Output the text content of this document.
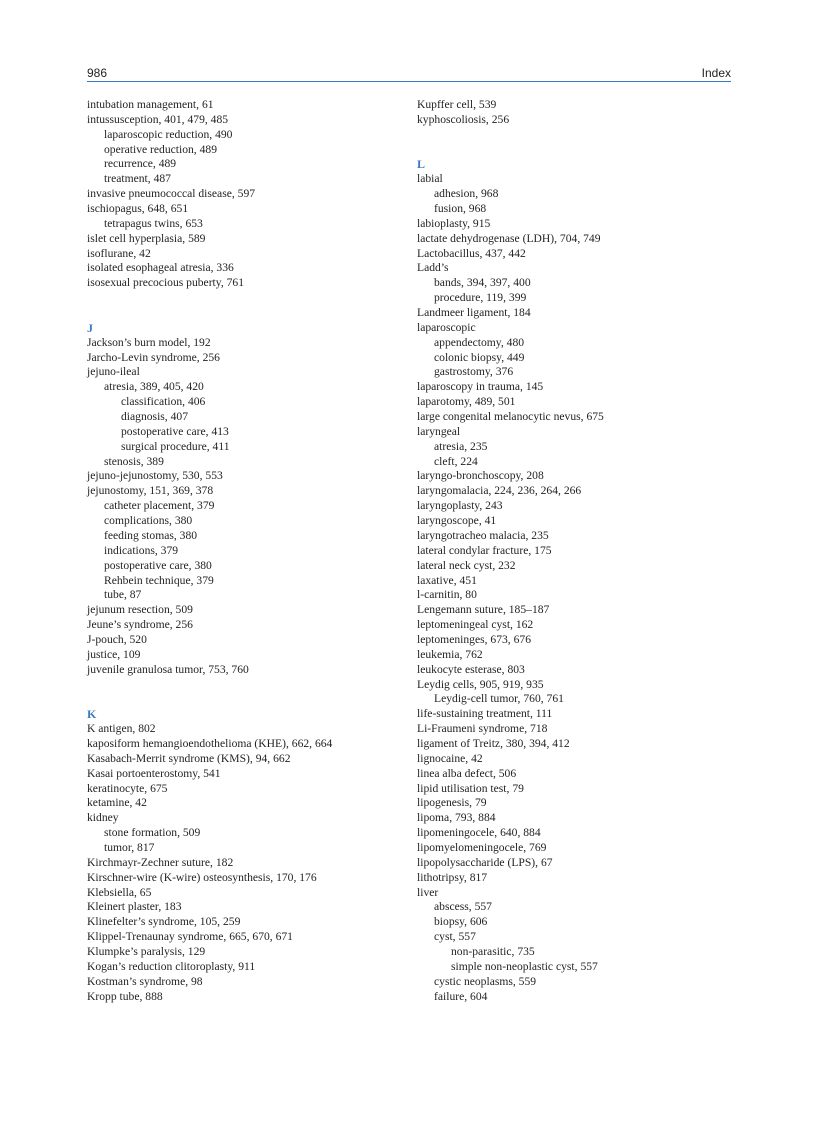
986	Index
intubation management, 61
intussusception, 401, 479, 485
laparoscopic reduction, 490
operative reduction, 489
recurrence, 489
treatment, 487
invasive pneumococcal disease, 597
ischiopagus, 648, 651
tetrapagus twins, 653
islet cell hyperplasia, 589
isoflurane, 42
isolated esophageal atresia, 336
isosexual precocious puberty, 761
J
Jackson’s burn model, 192
Jarcho-Levin syndrome, 256
jejuno-ileal
atresia, 389, 405, 420
classification, 406
diagnosis, 407
postoperative care, 413
surgical procedure, 411
stenosis, 389
jejuno-jejunostomy, 530, 553
jejunostomy, 151, 369, 378
catheter placement, 379
complications, 380
feeding stomas, 380
indications, 379
postoperative care, 380
Rehbein technique, 379
tube, 87
jejunum resection, 509
Jeune’s syndrome, 256
J-pouch, 520
justice, 109
juvenile granulosa tumor, 753, 760
K
K antigen, 802
kaposiform hemangioendothelioma (KHE), 662, 664
Kasabach-Merrit syndrome (KMS), 94, 662
Kasai portoenterostomy, 541
keratinocyte, 675
ketamine, 42
kidney
stone formation, 509
tumor, 817
Kirchmayr-Zechner suture, 182
Kirschner-wire (K-wire) osteosynthesis, 170, 176
Klebsiella, 65
Kleinert plaster, 183
Klinefelter’s syndrome, 105, 259
Klippel-Trenaunay syndrome, 665, 670, 671
Klumpke’s paralysis, 129
Kogan’s reduction clitoroplasty, 911
Kostman’s syndrome, 98
Kropp tube, 888
Kupffer cell, 539
kyphoscoliosis, 256
L
labial
adhesion, 968
fusion, 968
labioplasty, 915
lactate dehydrogenase (LDH), 704, 749
Lactobacillus, 437, 442
Ladd’s
bands, 394, 397, 400
procedure, 119, 399
Landmeer ligament, 184
laparoscopic
appendectomy, 480
colonic biopsy, 449
gastrostomy, 376
laparoscopy in trauma, 145
laparotomy, 489, 501
large congenital melanocytic nevus, 675
laryngeal
atresia, 235
cleft, 224
laryngo-bronchoscopy, 208
laryngomalacia, 224, 236, 264, 266
laryngoplasty, 243
laryngoscope, 41
laryngotracheo malacia, 235
lateral condylar fracture, 175
lateral neck cyst, 232
laxative, 451
l-carnitin, 80
Lengemann suture, 185–187
leptomeningeal cyst, 162
leptomeninges, 673, 676
leukemia, 762
leukocyte esterase, 803
Leydig cells, 905, 919, 935
Leydig-cell tumor, 760, 761
life-sustaining treatment, 111
Li-Fraumeni syndrome, 718
ligament of Treitz, 380, 394, 412
lignocaine, 42
linea alba defect, 506
lipid utilisation test, 79
lipogenesis, 79
lipoma, 793, 884
lipomeningocele, 640, 884
lipomyelomeningocele, 769
lipopolysaccharide (LPS), 67
lithotripsy, 817
liver
abscess, 557
biopsy, 606
cyst, 557
non-parasitic, 735
simple non-neoplastic cyst, 557
cystic neoplasms, 559
failure, 604
